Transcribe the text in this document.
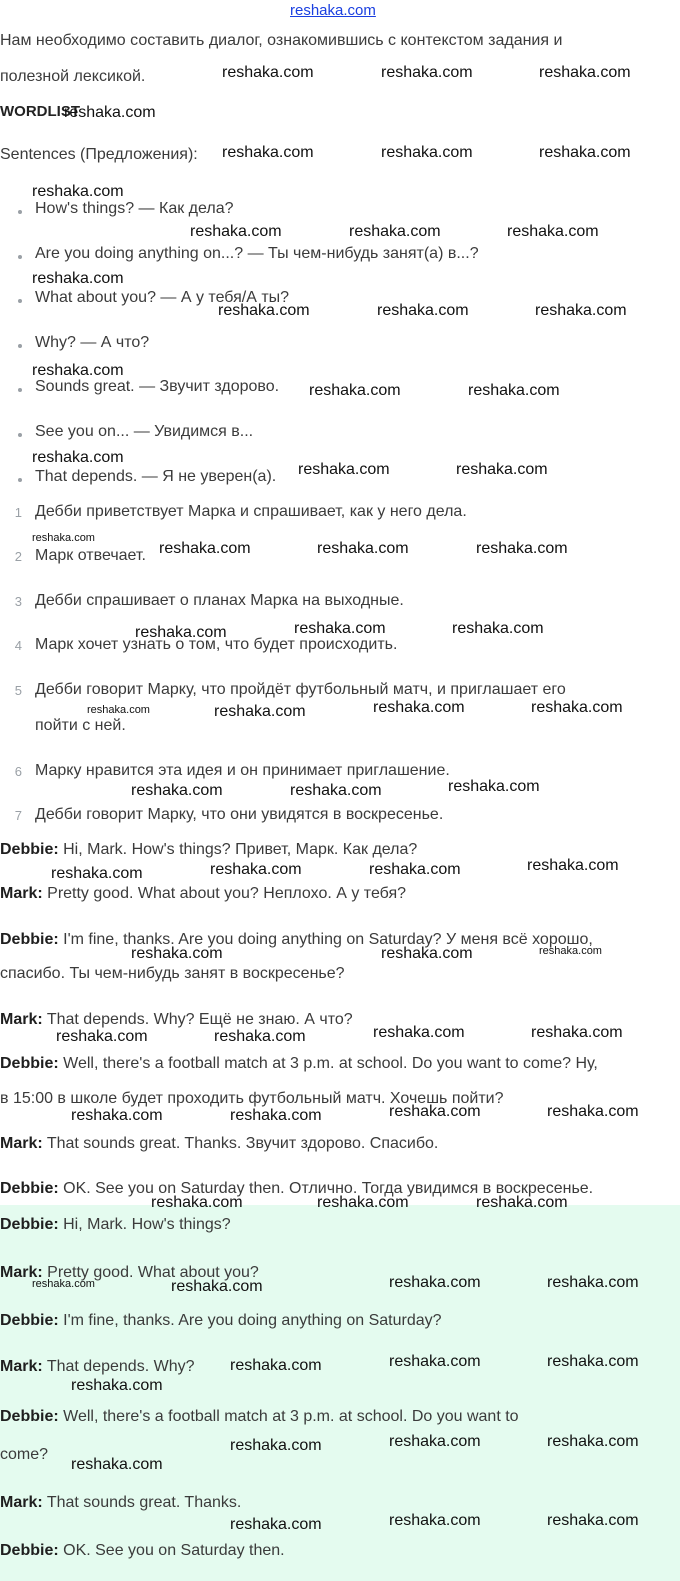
reshaka.com
Нам необходимо составить диалог, ознакомившись с контекстом задания и
полезной лексикой.
WORDLIST
Sentences (Предложения):
How's things? — Как дела?
Are you doing anything on...? — Ты чем-нибудь занят(а) в...?
What about you? — А у тебя/А ты?
Why? — А что?
Sounds great. — Звучит здорово.
See you on... — Увидимся в...
That depends. — Я не уверен(а).
1 Дебби приветствует Марка и спрашивает, как у него дела.
2 Марк отвечает.
3 Дебби спрашивает о планах Марка на выходные.
4 Марк хочет узнать о том, что будет происходить.
5 Дебби говорит Марку, что пройдёт футбольный матч, и приглашает его
пойти с ней.
6 Марку нравится эта идея и он принимает приглашение.
7 Дебби говорит Марку, что они увидятся в воскресенье.
Debbie: Hi, Mark. How's things? Привет, Марк. Как дела?
Mark: Pretty good. What about you? Неплохо. А у тебя?
Debbie: I'm fine, thanks. Are you doing anything on Saturday? У меня всё хорошо,
спасибо. Ты чем-нибудь занят в воскресенье?
Mark: That depends. Why? Ещё не знаю. А что?
Debbie: Well, there's a football match at 3 p.m. at school. Do you want to come? Ну,
в 15:00 в школе будет проходить футбольный матч. Хочешь пойти?
Mark: That sounds great. Thanks. Звучит здорово. Спасибо.
Debbie: OK. See you on Saturday then. Отлично. Тогда увидимся в воскресенье.
Debbie: Hi, Mark. How's things?
Mark: Pretty good. What about you?
Debbie: I'm fine, thanks. Are you doing anything on Saturday?
Mark: That depends. Why?
Debbie: Well, there's a football match at 3 p.m. at school. Do you want to
come?
Mark: That sounds great. Thanks.
Debbie: OK. See you on Saturday then.
reshaka.com	reshaka.com	reshaka.com
reshaka.com
reshaka.com	reshaka.com	reshaka.com
reshaka.com
reshaka.com	reshaka.com	reshaka.com
reshaka.com
reshaka.com	reshaka.com	reshaka.com
reshaka.com
reshaka.com	reshaka.com
reshaka.com
reshaka.com	reshaka.com
reshaka.com
reshaka.com	reshaka.com	reshaka.com
reshaka.com	reshaka.com	reshaka.com
reshaka.com	reshaka.com	reshaka.com	reshaka.com
reshaka.com
reshaka.com	reshaka.com
reshaka.com	reshaka.com	reshaka.com	reshaka.com
reshaka.com	reshaka.com	reshaka.com
reshaka.com	reshaka.com	reshaka.com	reshaka.com
reshaka.com	reshaka.com	reshaka.com	reshaka.com
reshaka.com	reshaka.com	reshaka.com
reshaka.com	reshaka.com	reshaka.com	reshaka.com
reshaka.com	reshaka.com	reshaka.com
reshaka.com
reshaka.com	reshaka.com	reshaka.com
reshaka.com
reshaka.com	reshaka.com	reshaka.com
